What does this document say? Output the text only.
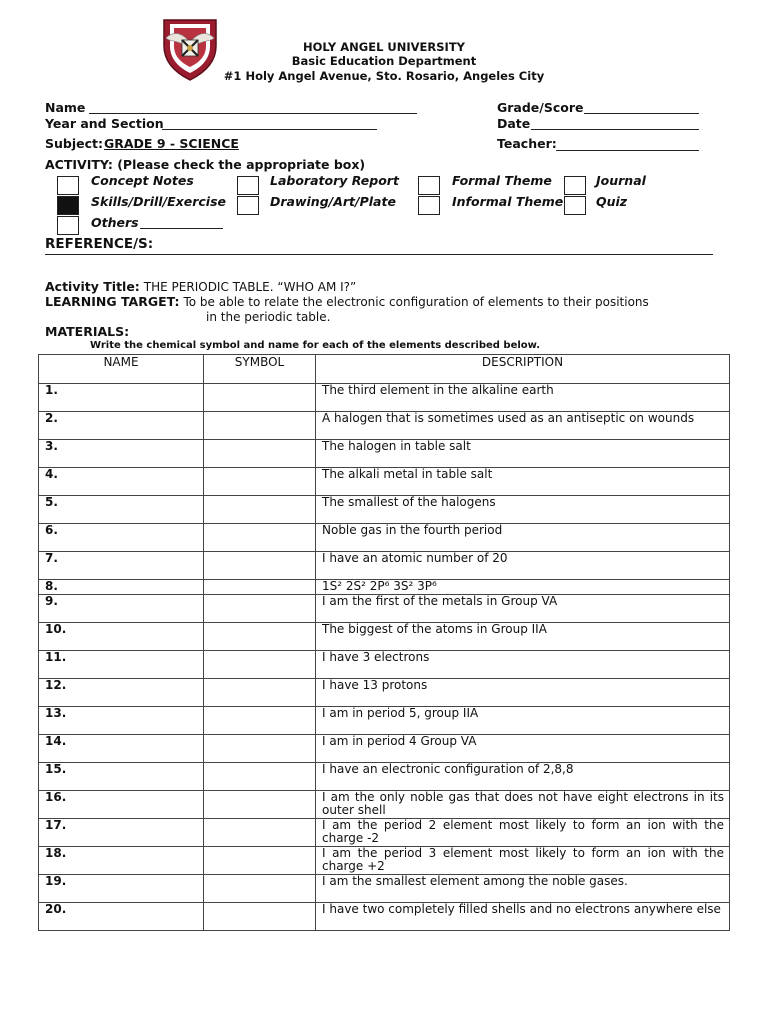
HOLY ANGEL UNIVERSITY
Basic Education Department
#1 Holy Angel Avenue, Sto. Rosario, Angeles City
Name	Grade/Score
Year and Section	Date
Subject: GRADE 9 - SCIENCE	Teacher:
ACTIVITY: (Please check the appropriate box)
Concept Notes	Laboratory Report	Formal Theme	Journal
Skills/Drill/Exercise	Drawing/Art/Plate	Informal Theme	Quiz
Others
REFERENCE/S:
Activity Title: THE PERIODIC TABLE. “WHO AM I?”
LEARNING TARGET: To be able to relate the electronic configuration of elements to their positions
in the periodic table.
MATERIALS:
Write the chemical symbol and name for each of the elements described below.
NAME	SYMBOL	DESCRIPTION
1.		The third element in the alkaline earth
2.		A halogen that is sometimes used as an antiseptic on wounds
3.		The halogen in table salt
4.		The alkali metal in table salt
5.		The smallest of the halogens
6.		Noble gas in the fourth period
7.		I have an atomic number of 20
8.		1S² 2S² 2P⁶ 3S² 3P⁶
9.		I am the first of the metals in Group VA
10.		The biggest of the atoms in Group IIA
11.		I have 3 electrons
12.		I have 13 protons
13.		I am in period 5, group IIA
14.		I am in period 4 Group VA
15.		I have an electronic configuration of 2,8,8
16.		I am the only noble gas that does not have eight electrons in its outer shell
17.		I am the period 2 element most likely to form an ion with the charge -2
18.		I am the period 3 element most likely to form an ion with the charge +2
19.		I am the smallest element among the noble gases.
20.		I have two completely filled shells and no electrons anywhere else
